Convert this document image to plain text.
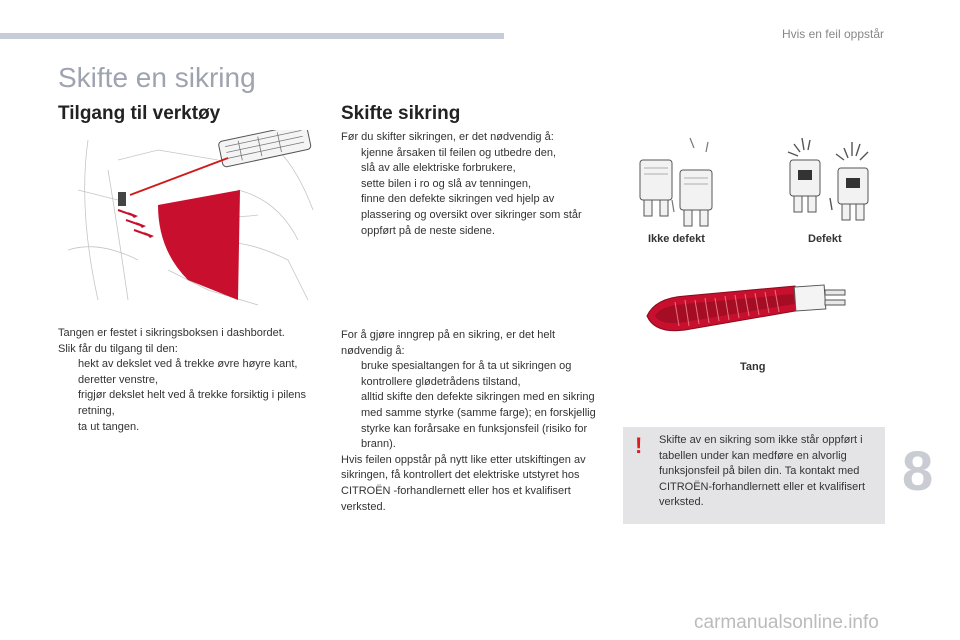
Hvis en feil oppstår
Skifte en sikring
Tilgang til verktøy

Tangen er festet i sikringsboksen i dashbordet.

Slik får du tilgang til den:

hekt av dekslet ved å trekke øvre høyre kant, deretter venstre,

frigjør dekslet helt ved å trekke forsiktig i pilens retning,

ta ut tangen.

Skifte sikring

Før du skifter sikringen, er det nødvendig å:

kjenne årsaken til feilen og utbedre den,

slå av alle elektriske forbrukere,

sette bilen i ro og slå av tenningen,

finne den defekte sikringen ved hjelp av plassering og oversikt over sikringer som står oppført på de neste sidene.

For å gjøre inngrep på en sikring, er det helt nødvendig å:

bruke spesialtangen for å ta ut sikringen og kontrollere glødetrådens tilstand,

alltid skifte den defekte sikringen med en sikring med samme styrke (samme farge); en forskjellig styrke kan forårsake en funksjonsfeil (risiko for brann).

Hvis feilen oppstår på nytt like etter utskiftingen av sikringen, få kontrollert det elektriske utstyret hos CITROËN -forhandlernett eller hos et kvalifisert verksted.

Ikke defekt	Defekt
Tang
! Skifte av en sikring som ikke står oppført i tabellen under kan medføre en alvorlig funksjonsfeil på bilen din. Ta kontakt med CITROËN-forhandlernett eller et kvalifisert verksted.
8
carmanualsonline.info
